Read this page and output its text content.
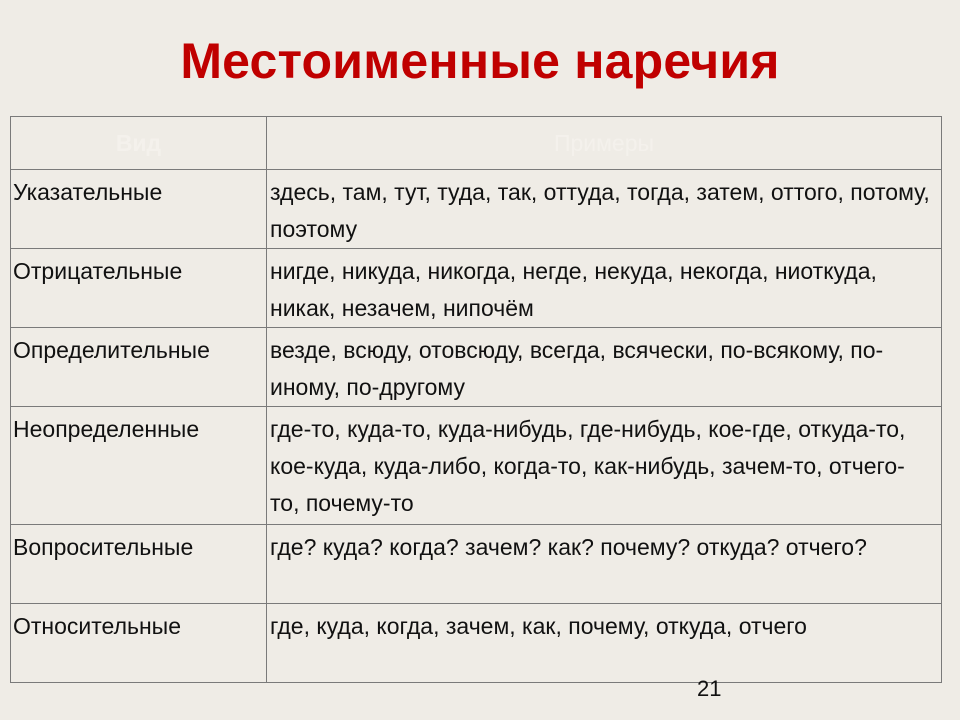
Местоименные наречия
Вид	Примеры
Указательные	здесь, там, тут, туда, так, оттуда, тогда, затем, оттого, потому, поэтому
Отрицательные	нигде, никуда, никогда, негде, некуда, некогда, ниоткуда, никак, незачем, нипочём
Определительные	везде, всюду, отовсюду, всегда, всячески, по-всякому, по-иному, по-другому
Неопределенные	где-то, куда-то, куда-нибудь, где-нибудь, кое-где, откуда-то, кое-куда, куда-либо, когда-то, как-нибудь, зачем-то, отчего-то, почему-то
Вопросительные	где? куда? когда? зачем? как? почему? откуда? отчего?
Относительные	где, куда, когда, зачем, как, почему, откуда, отчего
21
